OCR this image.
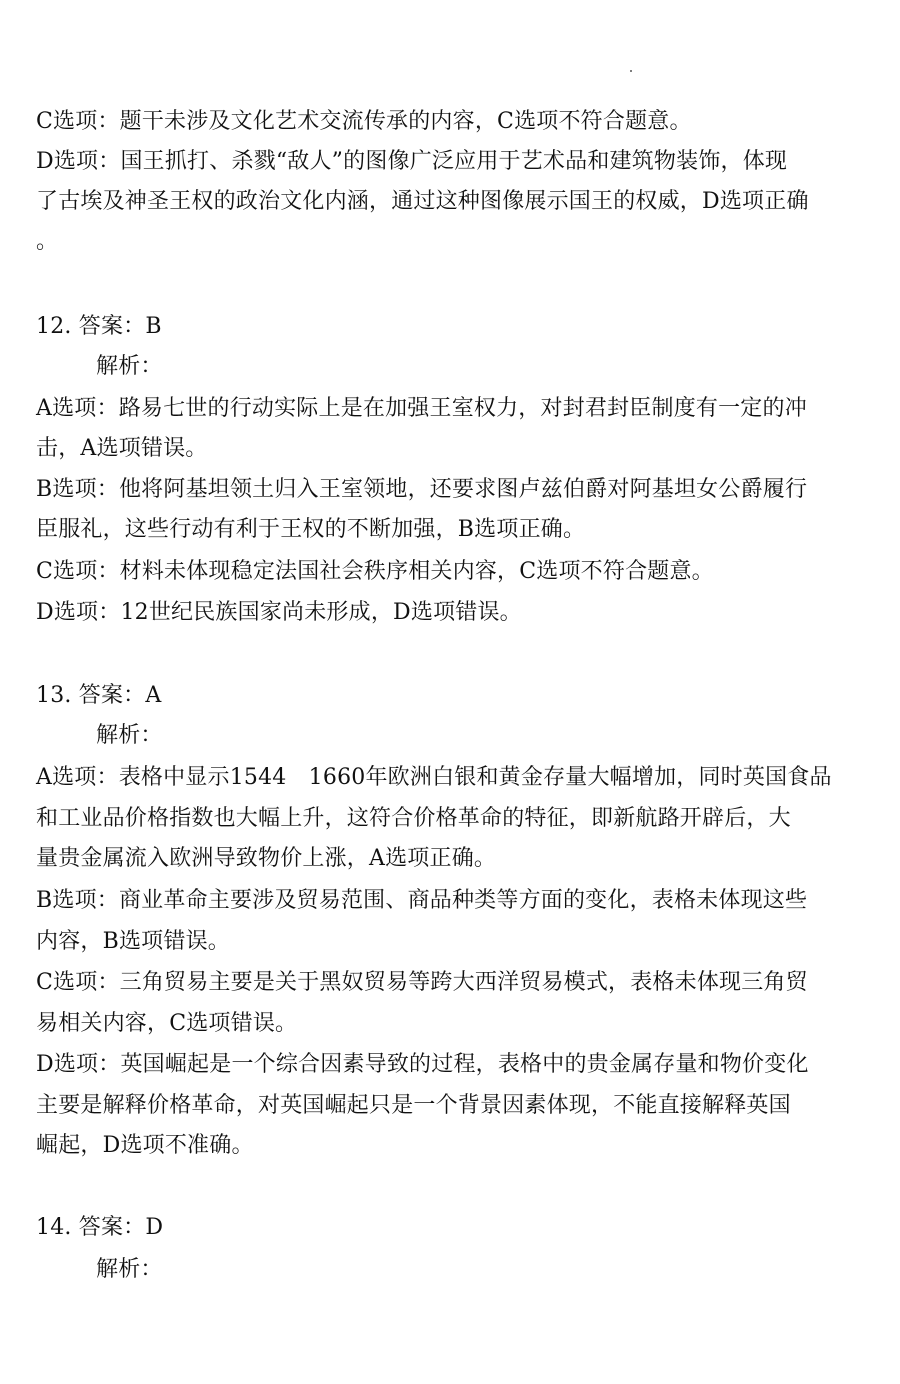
C选项：题干未涉及文化艺术交流传承的内容，C选项不符合题意。
D选项：国王抓打、杀戮“敌人”的图像广泛应用于艺术品和建筑物装饰，体现
了古埃及神圣王权的政治文化内涵，通过这种图像展示国王的权威，D选项正确
。
12. 答案：B
解析：
A选项：路易七世的行动实际上是在加强王室权力，对封君封臣制度有一定的冲
击，A选项错误。
B选项：他将阿基坦领土归入王室领地，还要求图卢兹伯爵对阿基坦女公爵履行
臣服礼，这些行动有利于王权的不断加强，B选项正确。
C选项：材料未体现稳定法国社会秩序相关内容，C选项不符合题意。
D选项：12世纪民族国家尚未形成，D选项错误。
13. 答案：A
解析：
A选项：表格中显示1544　1660年欧洲白银和黄金存量大幅增加，同时英国食品
和工业品价格指数也大幅上升，这符合价格革命的特征，即新航路开辟后，大
量贵金属流入欧洲导致物价上涨，A选项正确。
B选项：商业革命主要涉及贸易范围、商品种类等方面的变化，表格未体现这些
内容，B选项错误。
C选项：三角贸易主要是关于黑奴贸易等跨大西洋贸易模式，表格未体现三角贸
易相关内容，C选项错误。
D选项：英国崛起是一个综合因素导致的过程，表格中的贵金属存量和物价变化
主要是解释价格革命，对英国崛起只是一个背景因素体现，不能直接解释英国
崛起，D选项不准确。
14. 答案：D
解析：
